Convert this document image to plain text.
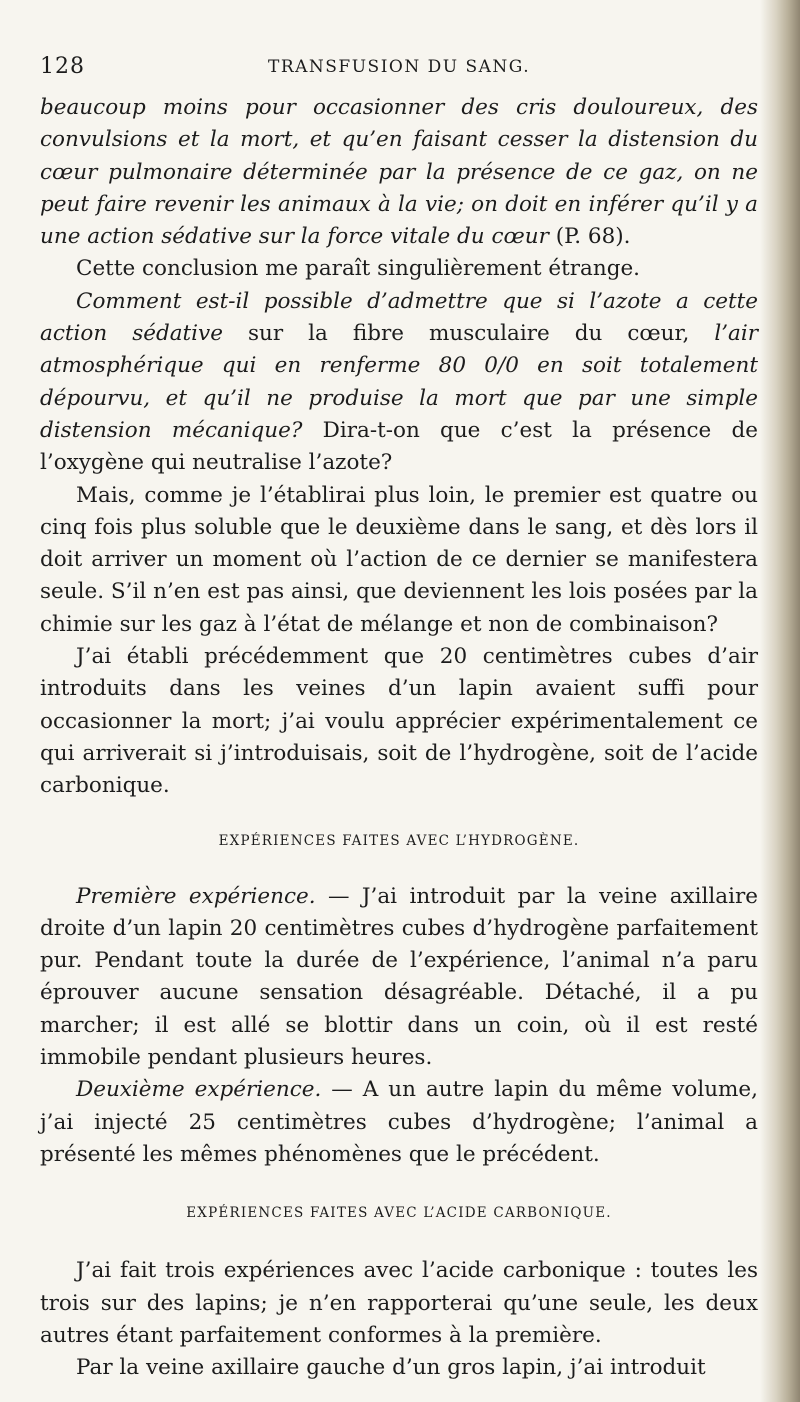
128	TRANSFUSION DU SANG.

beaucoup moins pour occasionner des cris douloureux, des convulsions et la mort, et qu’en faisant cesser la distension du cœur pulmonaire déterminée par la présence de ce gaz, on ne peut faire revenir les animaux à la vie; on doit en inférer qu’il y a une action sédative sur la force vitale du cœur (P. 68).

Cette conclusion me paraît singulièrement étrange.

Comment est-il possible d’admettre que si l’azote a cette action sédative sur la fibre musculaire du cœur, l’air atmosphérique qui en renferme 80 0/0 en soit totalement dépourvu, et qu’il ne produise la mort que par une simple distension mécanique? Dira-t-on que c’est la présence de l’oxygène qui neutralise l’azote?

Mais, comme je l’établirai plus loin, le premier est quatre ou cinq fois plus soluble que le deuxième dans le sang, et dès lors il doit arriver un moment où l’action de ce dernier se manifestera seule. S’il n’en est pas ainsi, que deviennent les lois posées par la chimie sur les gaz à l’état de mélange et non de combinaison?

J’ai établi précédemment que 20 centimètres cubes d’air introduits dans les veines d’un lapin avaient suffi pour occasionner la mort; j’ai voulu apprécier expérimentalement ce qui arriverait si j’introduisais, soit de l’hydrogène, soit de l’acide carbonique.

EXPÉRIENCES FAITES AVEC L’HYDROGÈNE.

Première expérience. — J’ai introduit par la veine axillaire droite d’un lapin 20 centimètres cubes d’hydrogène parfaitement pur. Pendant toute la durée de l’expérience, l’animal n’a paru éprouver aucune sensation désagréable. Détaché, il a pu marcher; il est allé se blottir dans un coin, où il est resté immobile pendant plusieurs heures.

Deuxième expérience. — A un autre lapin du même volume, j’ai injecté 25 centimètres cubes d’hydrogène; l’animal a présenté les mêmes phénomènes que le précédent.

EXPÉRIENCES FAITES AVEC L’ACIDE CARBONIQUE.

J’ai fait trois expériences avec l’acide carbonique : toutes les trois sur des lapins; je n’en rapporterai qu’une seule, les deux autres étant parfaitement conformes à la première.

Par la veine axillaire gauche d’un gros lapin, j’ai introduit
